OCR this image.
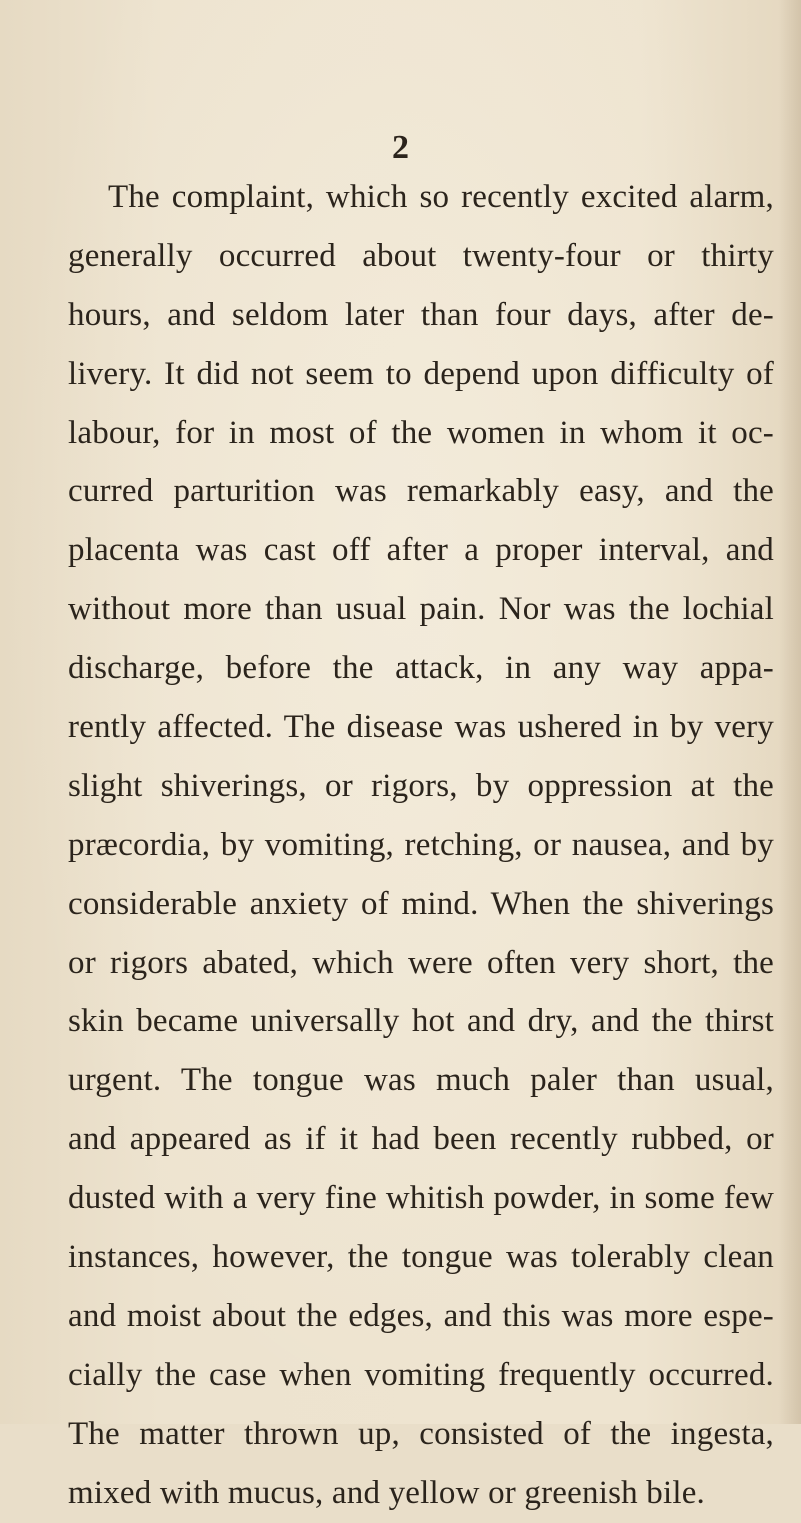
2
The complaint, which so recently excited alarm,
generally occurred about twenty-four or thirty
hours, and seldom later than four days, after de-
livery. It did not seem to depend upon difficulty of
labour, for in most of the women in whom it oc-
curred parturition was remarkably easy, and the
placenta was cast off after a proper interval, and
without more than usual pain. Nor was the lochial
discharge, before the attack, in any way appa-
rently affected. The disease was ushered in by very
slight shiverings, or rigors, by oppression at the
præcordia, by vomiting, retching, or nausea, and by
considerable anxiety of mind. When the shiverings
or rigors abated, which were often very short, the
skin became universally hot and dry, and the thirst
urgent. The tongue was much paler than usual,
and appeared as if it had been recently rubbed, or
dusted with a very fine whitish powder, in some few
instances, however, the tongue was tolerably clean
and moist about the edges, and this was more espe-
cially the case when vomiting frequently occurred.
The matter thrown up, consisted of the ingesta,
mixed with mucus, and yellow or greenish bile.
